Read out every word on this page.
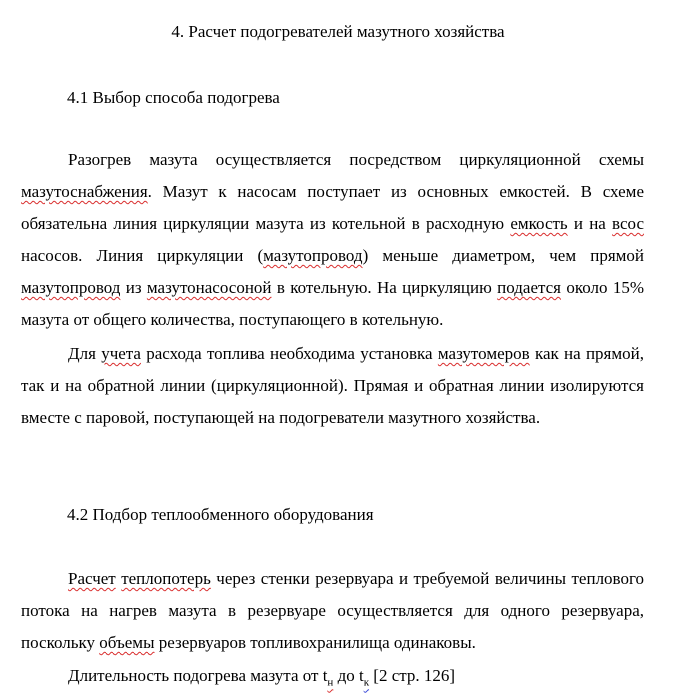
4. Расчет подогревателей мазутного хозяйства
4.1 Выбор способа подогрева
Разогрев мазута осуществляется посредством циркуляционной схемы мазутоснабжения. Мазут к насосам поступает из основных емкостей. В схеме обязательна линия циркуляции мазута из котельной в расходную емкость и на всос насосов. Линия циркуляции (мазутопровод) меньше диаметром, чем прямой мазутопровод из мазутонасосоной в котельную. На циркуляцию подается около 15% мазута от общего количества, поступающего в котельную.
Для учета расхода топлива необходима установка мазутомеров как на прямой, так и на обратной линии (циркуляционной). Прямая и обратная линии изолируются вместе с паровой, поступающей на подогреватели мазутного хозяйства.
4.2 Подбор теплообменного оборудования
Расчет теплопотерь через стенки резервуара и требуемой величины теплового потока на нагрев мазута в резервуаре осуществляется для одного резервуара, поскольку объемы резервуаров топливохранилища одинаковы.
Длительность подогрева мазута от $t_н$ до $t_к$ [2 стр. 126]
